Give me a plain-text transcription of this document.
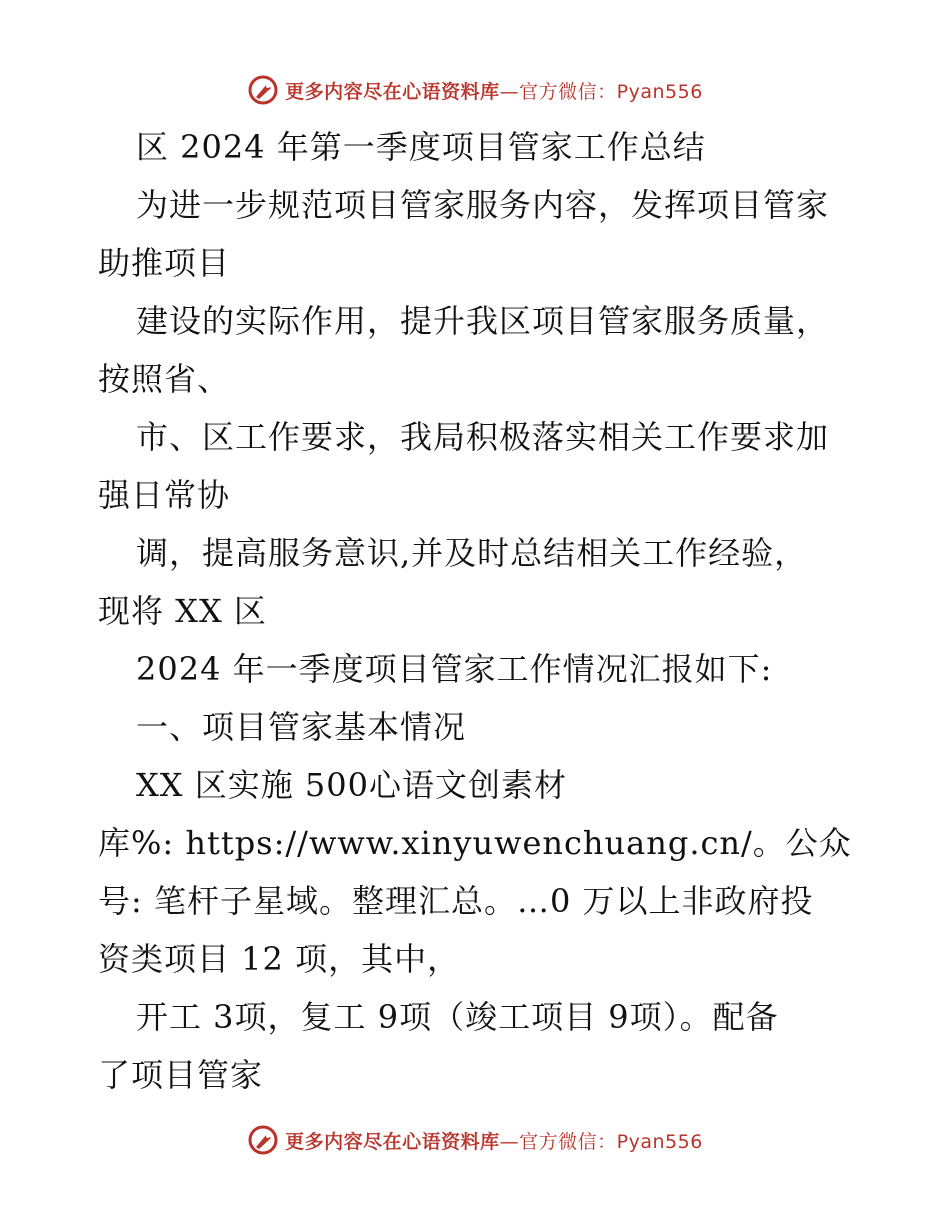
更多内容尽在心语资料库—官方微信：Pyan556
区 2024 年第一季度项目管家工作总结
为进一步规范项目管家服务内容，发挥项目管家
助推项目
建设的实际作用，提升我区项目管家服务质量，
按照省、
市、区工作要求，我局积极落实相关工作要求加
强日常协
调，提高服务意识,并及时总结相关工作经验，
现将 XX 区
2024 年一季度项目管家工作情况汇报如下:
一、项目管家基本情况
XX 区实施 500心语文创素材
库%: https://www.xinyuwenchuang.cn/。公众
号: 笔杆子星域。整理汇总。…0 万以上非政府投
资类项目 12 项，其中，
开工 3项，复工 9项（竣工项目 9项）。配备
了项目管家
更多内容尽在心语资料库—官方微信：Pyan556
